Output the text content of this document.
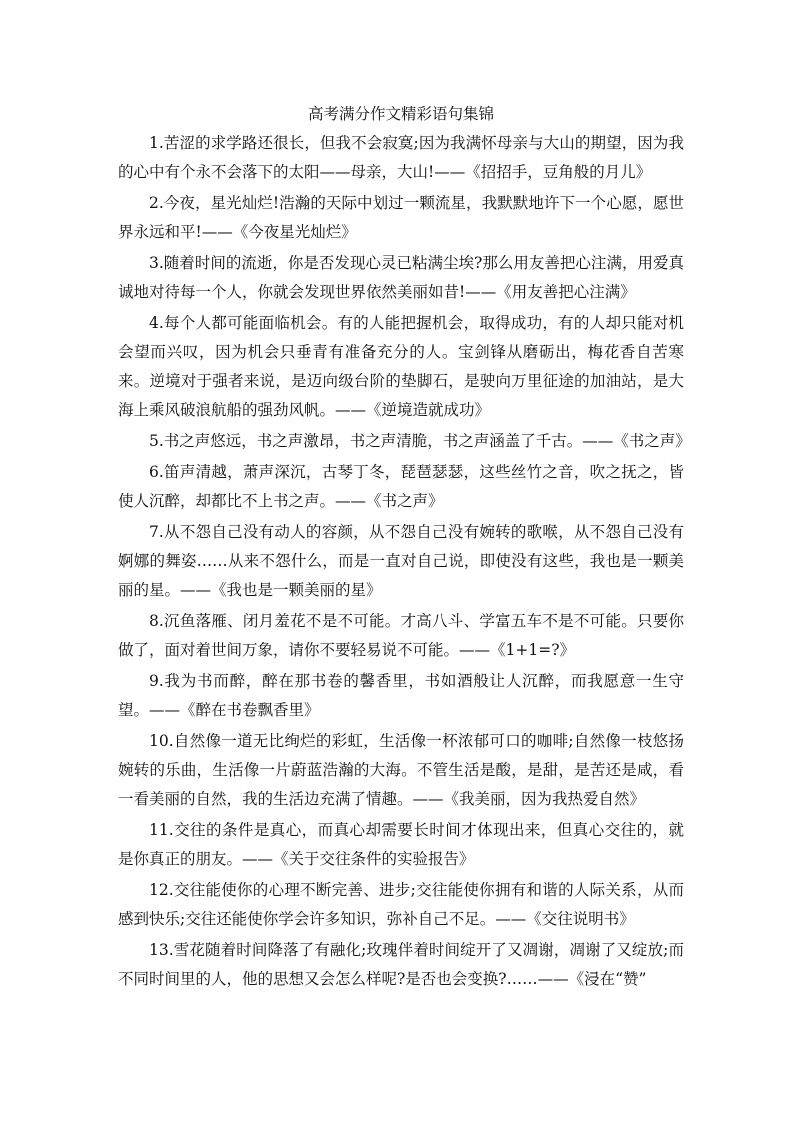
高考满分作文精彩语句集锦

1.苦涩的求学路还很长，但我不会寂寞;因为我满怀母亲与大山的期望，因为我的心中有个永不会落下的太阳——母亲，大山!——《招招手，豆角般的月儿》

2.今夜，星光灿烂!浩瀚的天际中划过一颗流星，我默默地许下一个心愿，愿世界永远和平!——《今夜星光灿烂》

3.随着时间的流逝，你是否发现心灵已粘满尘埃?那么用友善把心注满，用爱真诚地对待每一个人，你就会发现世界依然美丽如昔!——《用友善把心注满》

4.每个人都可能面临机会。有的人能把握机会，取得成功，有的人却只能对机会望而兴叹，因为机会只垂青有准备充分的人。宝剑锋从磨砺出，梅花香自苦寒来。逆境对于强者来说，是迈向级台阶的垫脚石，是驶向万里征途的加油站，是大海上乘风破浪航船的强劲风帆。——《逆境造就成功》

5.书之声悠远，书之声激昂，书之声清脆，书之声涵盖了千古。——《书之声》

6.笛声清越，萧声深沉，古琴丁冬，琵琶瑟瑟，这些丝竹之音，吹之抚之，皆使人沉醉，却都比不上书之声。——《书之声》

7.从不怨自己没有动人的容颜，从不怨自己没有婉转的歌喉，从不怨自己没有婀娜的舞姿……从来不怨什么，而是一直对自己说，即使没有这些，我也是一颗美丽的星。——《我也是一颗美丽的星》

8.沉鱼落雁、闭月羞花不是不可能。才高八斗、学富五车不是不可能。只要你做了，面对着世间万象，请你不要轻易说不可能。——《1+1=?》

9.我为书而醉，醉在那书卷的馨香里，书如酒般让人沉醉，而我愿意一生守望。——《醉在书卷飘香里》

10.自然像一道无比绚烂的彩虹，生活像一杯浓郁可口的咖啡;自然像一枝悠扬婉转的乐曲，生活像一片蔚蓝浩瀚的大海。不管生活是酸，是甜，是苦还是咸，看一看美丽的自然，我的生活边充满了情趣。——《我美丽，因为我热爱自然》

11.交往的条件是真心，而真心却需要长时间才体现出来，但真心交往的，就是你真正的朋友。——《关于交往条件的实验报告》

12.交往能使你的心理不断完善、进步;交往能使你拥有和谐的人际关系，从而感到快乐;交往还能使你学会许多知识，弥补自己不足。——《交往说明书》

13.雪花随着时间降落了有融化;玫瑰伴着时间绽开了又凋谢，凋谢了又绽放;而不同时间里的人，他的思想又会怎么样呢?是否也会变换?……——《浸在“赞”
